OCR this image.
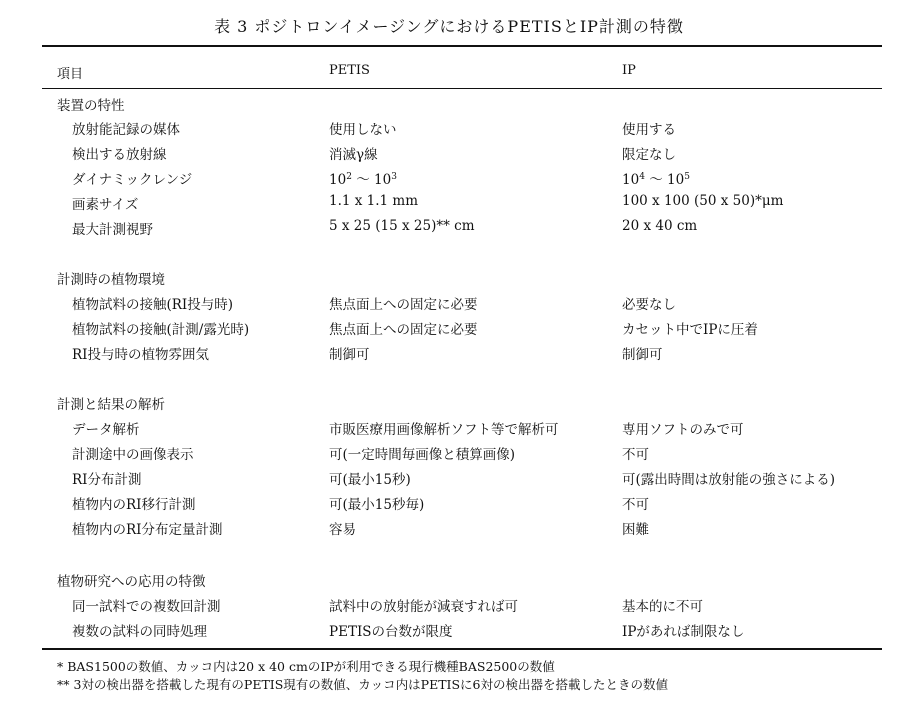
表 3 ポジトロンイメージングにおけるPETISとIP計測の特徴
項目	PETIS	IP
装置の特性
放射能記録の媒体	使用しない	使用する
検出する放射線	消滅γ線	限定なし
ダイナミックレンジ	$10^2$ 〜 $10^3$	$10^4$ 〜 $10^5$
画素サイズ	1.1 x 1.1 mm	100 x 100 (50 x 50)*μm
最大計測視野	5 x 25 (15 x 25)** cm	20 x 40 cm
計測時の植物環境
植物試料の接触(RI投与時)	焦点面上への固定に必要	必要なし
植物試料の接触(計測/露光時)	焦点面上への固定に必要	カセット中でIPに圧着
RI投与時の植物雰囲気	制御可	制御可
計測と結果の解析
データ解析	市販医療用画像解析ソフト等で解析可	専用ソフトのみで可
計測途中の画像表示	可(一定時間毎画像と積算画像)	不可
RI分布計測	可(最小15秒)	可(露出時間は放射能の強さによる)
植物内のRI移行計測	可(最小15秒毎)	不可
植物内のRI分布定量計測	容易	困難
植物研究への応用の特徴
同一試料での複数回計測	試料中の放射能が減衰すれば可	基本的に不可
複数の試料の同時処理	PETISの台数が限度	IPがあれば制限なし
* BAS1500の数値、カッコ内は20 x 40 cmのIPが利用できる現行機種BAS2500の数値
** 3対の検出器を搭載した現有のPETIS現有の数値、カッコ内はPETISに6対の検出器を搭載したときの数値
